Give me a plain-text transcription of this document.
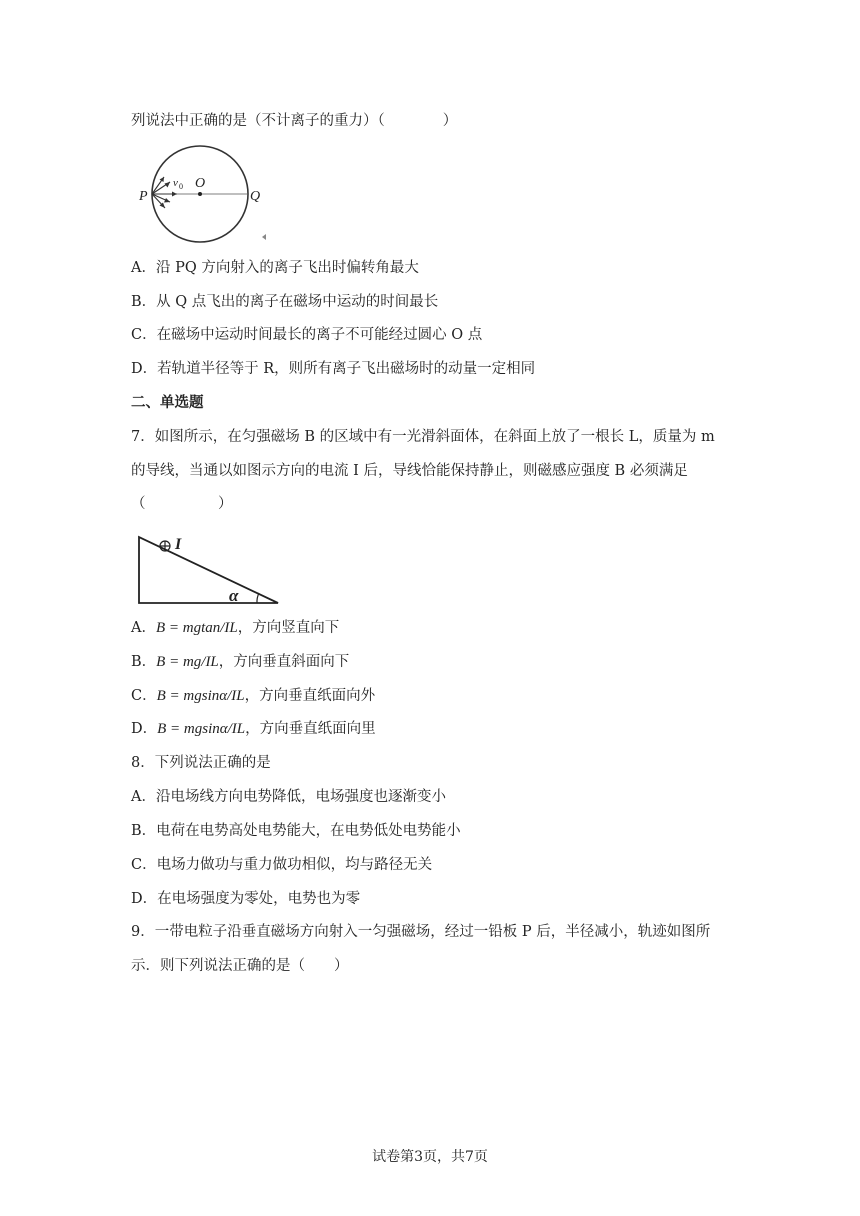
列说法中正确的是（不计离子的重力）（　　　　）
P
v 0 O
Q
A．沿 PQ 方向射入的离子飞出时偏转角最大
B．从 Q 点飞出的离子在磁场中运动的时间最长
C．在磁场中运动时间最长的离子不可能经过圆心 O 点
D．若轨道半径等于 R，则所有离子飞出磁场时的动量一定相同
二、单选题
7．如图所示，在匀强磁场 B 的区域中有一光滑斜面体，在斜面上放了一根长 L，质量为 m
的导线，当通以如图示方向的电流 I 后，导线恰能保持静止，则磁感应强度 B 必须满足
（　　　　　）
I
α
A．B = mgtan/IL，方向竖直向下
B．B = mg/IL，方向垂直斜面向下
C．B = mgsinα/IL，方向垂直纸面向外
D．B = mgsinα/IL，方向垂直纸面向里
8．下列说法正确的是
A．沿电场线方向电势降低，电场强度也逐渐变小
B．电荷在电势高处电势能大，在电势低处电势能小
C．电场力做功与重力做功相似，均与路径无关
D．在电场强度为零处，电势也为零
9．一带电粒子沿垂直磁场方向射入一匀强磁场，经过一铅板 P 后，半径减小，轨迹如图所
示．则下列说法正确的是（　　）
试卷第3页，共7页
